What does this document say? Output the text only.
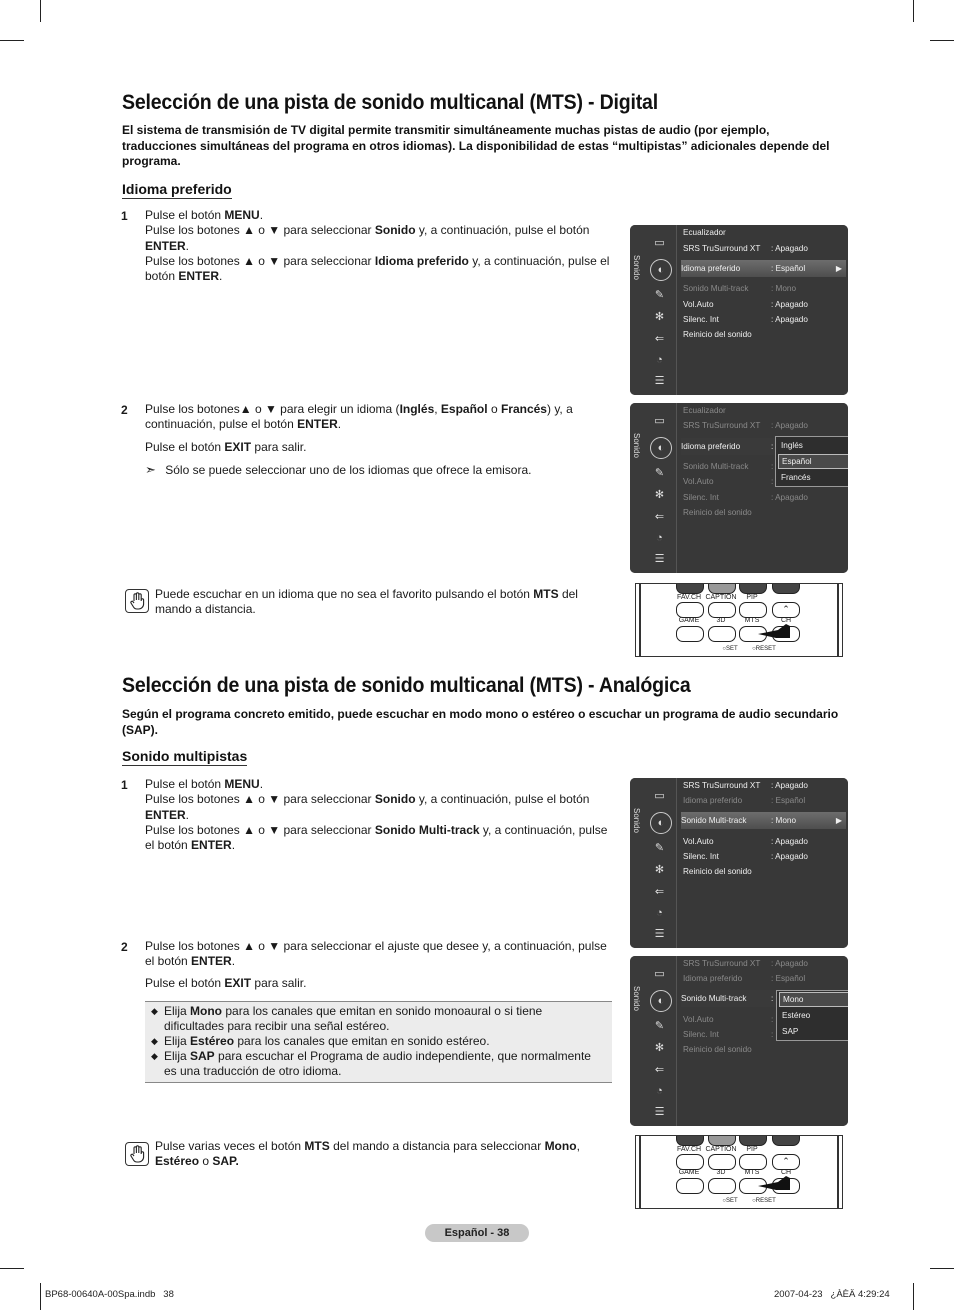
Selección de una pista de sonido multicanal (MTS) - Digital

El sistema de transmisión de TV digital permite transmitir simultáneamente muchas pistas de audio (por ejemplo,
traducciones simultáneas del programa en otros idiomas). La disponibilidad de estas “multipistas” adicionales depende del
programa.

Idioma preferido
1 Pulse el botón MENU.
Pulse los botones ▲ o ▼ para seleccionar Sonido y, a continuación, pulse el botón
ENTER.
Pulse los botones ▲ o ▼ para seleccionar Idioma preferido y, a continuación, pulse el
botón ENTER.
2 Pulse los botones▲ o ▼ para elegir un idioma (Inglés, Español o Francés) y, a
continuación, pulse el botón ENTER.
Pulse el botón EXIT para salir.
➣ Sólo se puede seleccionar uno de los idiomas que ofrece la emisora.
Puede escuchar en un idioma que no sea el favorito pulsando el botón MTS del
mando a distancia.
Sonido
▭
◐
✎
✻
⇐
◔
☰
Ecualizador
SRS TruSurround XT : Apagado
Idioma preferido	: Español	▶
Sonido Multi-track	: Mono
Vol.Auto	: Apagado
Silenc. Int	: Apagado
Reinicio del sonido
Sonido
▭
◐
✎
✻
⇐
◔
☰
Ecualizador
SRS TruSurround XT : Apagado
Idioma preferido	:
Sonido Multi-track	:
Vol.Auto	:
Silenc. Int	: Apagado
Reinicio del sonido
Inglés
Español
Francés
FAV.CH CAPTION	PIP
⌃
GAME	3D	MTS	CH
○SET	○RESET
Selección de una pista de sonido multicanal (MTS) - Analógica

Según el programa concreto emitido, puede escuchar en modo mono o estéreo o escuchar un programa de audio secundario
(SAP).

Sonido multipistas
1 Pulse el botón MENU.
Pulse los botones ▲ o ▼ para seleccionar Sonido y, a continuación, pulse el botón
ENTER.
Pulse los botones ▲ o ▼ para seleccionar Sonido Multi-track y, a continuación, pulse
el botón ENTER.
2 Pulse los botones ▲ o ▼ para seleccionar el ajuste que desee y, a continuación, pulse
el botón ENTER.
Pulse el botón EXIT para salir.
◆ Elija Mono para los canales que emitan en sonido monoaural o si tiene
dificultades para recibir una señal estéreo.
◆ Elija Estéreo para los canales que emitan en sonido estéreo.
◆ Elija SAP para escuchar el Programa de audio independiente, que normalmente
es una traducción de otro idioma.
Pulse varias veces el botón MTS del mando a distancia para seleccionar Mono,
Estéreo o SAP.
Sonido
▭
◐
✎
✻
⇐
◔
☰
SRS TruSurround XT : Apagado
Idioma preferido	: Español
Sonido Multi-track	: Mono	▶
Vol.Auto	: Apagado
Silenc. Int	: Apagado
Reinicio del sonido
Sonido
▭
◐
✎
✻
⇐
◔
☰
SRS TruSurround XT : Apagado
Idioma preferido	: Español
Sonido Multi-track	:
Vol.Auto	:
Silenc. Int	:
Reinicio del sonido
Mono
Estéreo
SAP
FAV.CH CAPTION	PIP
⌃
GAME	3D	MTS	CH
○SET	○RESET
Español - 38
BP68-00640A-00Spa.indb   38	2007-04-23   ¿ÀÈÄ 4:29:24
